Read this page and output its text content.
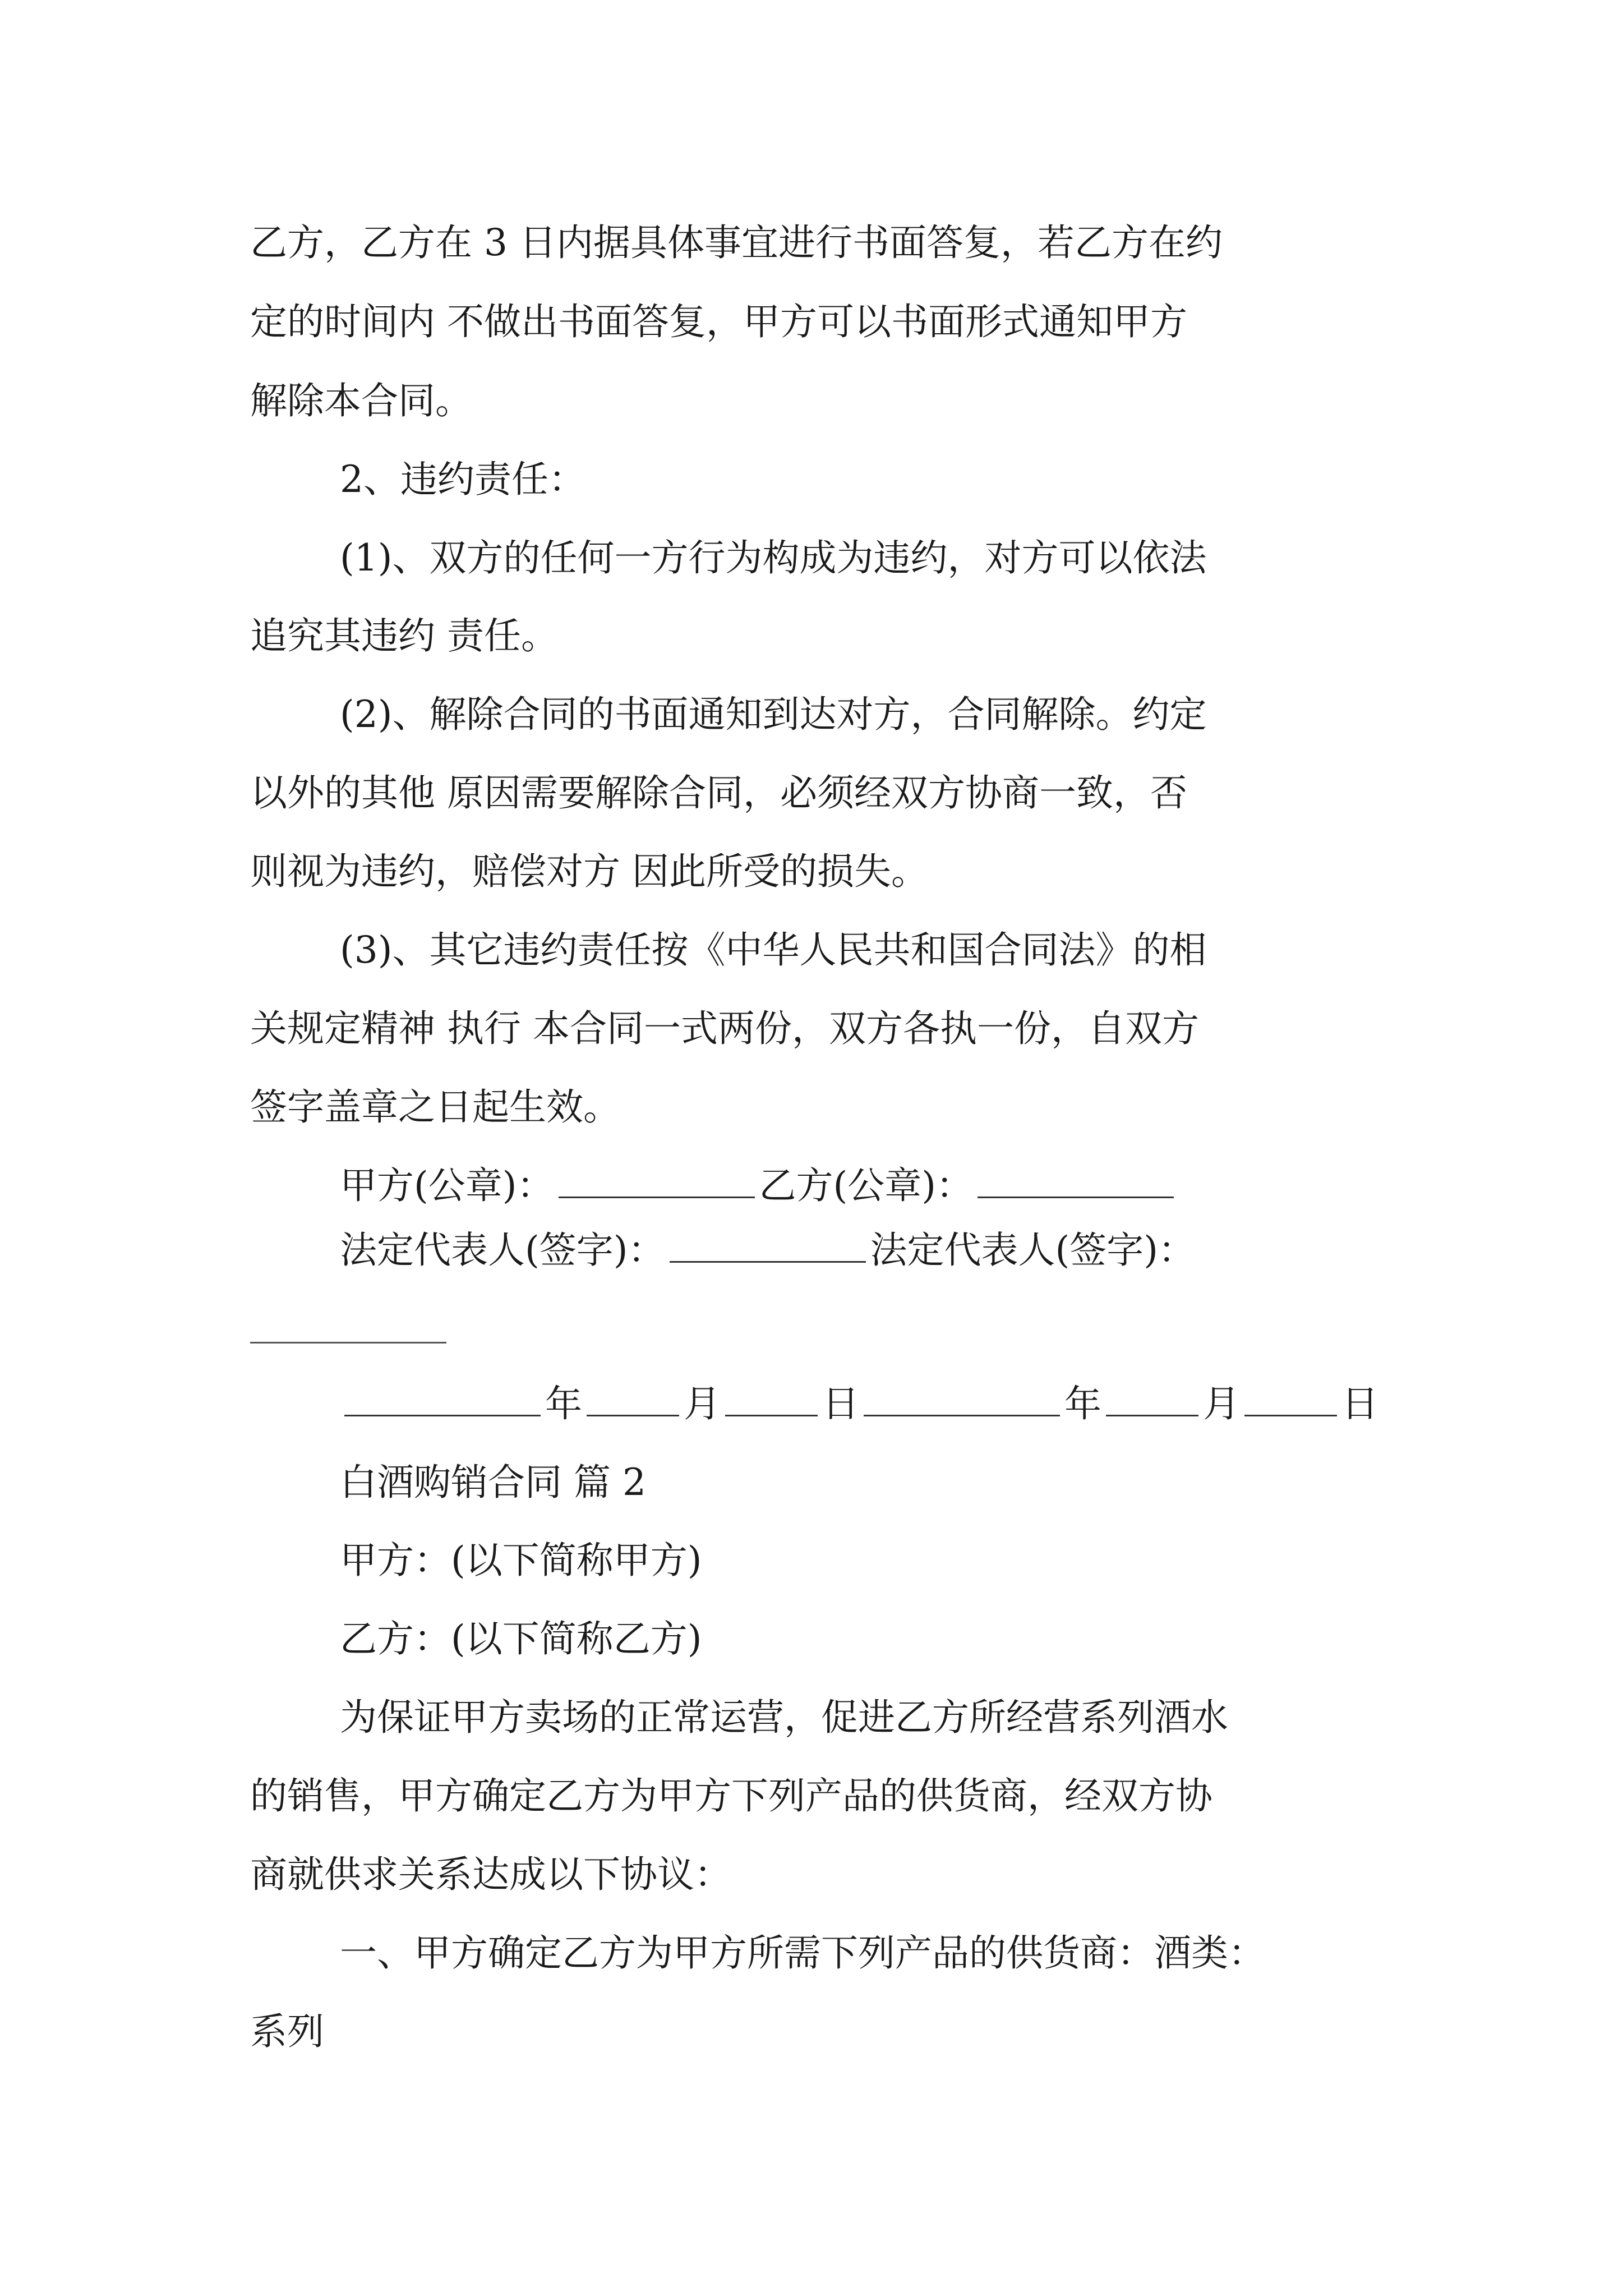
乙方，乙方在 3 日内据具体事宜进行书面答复，若乙方在约

定的时间内 不做出书面答复，甲方可以书面形式通知甲方

解除本合同。

2、违约责任：

(1)、双方的任何一方行为构成为违约，对方可以依法

追究其违约 责任。

(2)、解除合同的书面通知到达对方，合同解除。约定

以外的其他 原因需要解除合同，必须经双方协商一致，否

则视为违约，赔偿对方 因此所受的损失。

(3)、其它违约责任按《中华人民共和国合同法》的相

关规定精神 执行 本合同一式两份，双方各执一份，自双方

签字盖章之日起生效。

甲方(公章)：	乙方(公章)：

法定代表人(签字)：	法定代表人(签字)：

年	月	日	年	月	日

白酒购销合同 篇 2

甲方：(以下简称甲方)

乙方：(以下简称乙方)

为保证甲方卖场的正常运营，促进乙方所经营系列酒水

的销售，甲方确定乙方为甲方下列产品的供货商，经双方协

商就供求关系达成以下协议：

一、甲方确定乙方为甲方所需下列产品的供货商：酒类：

系列
